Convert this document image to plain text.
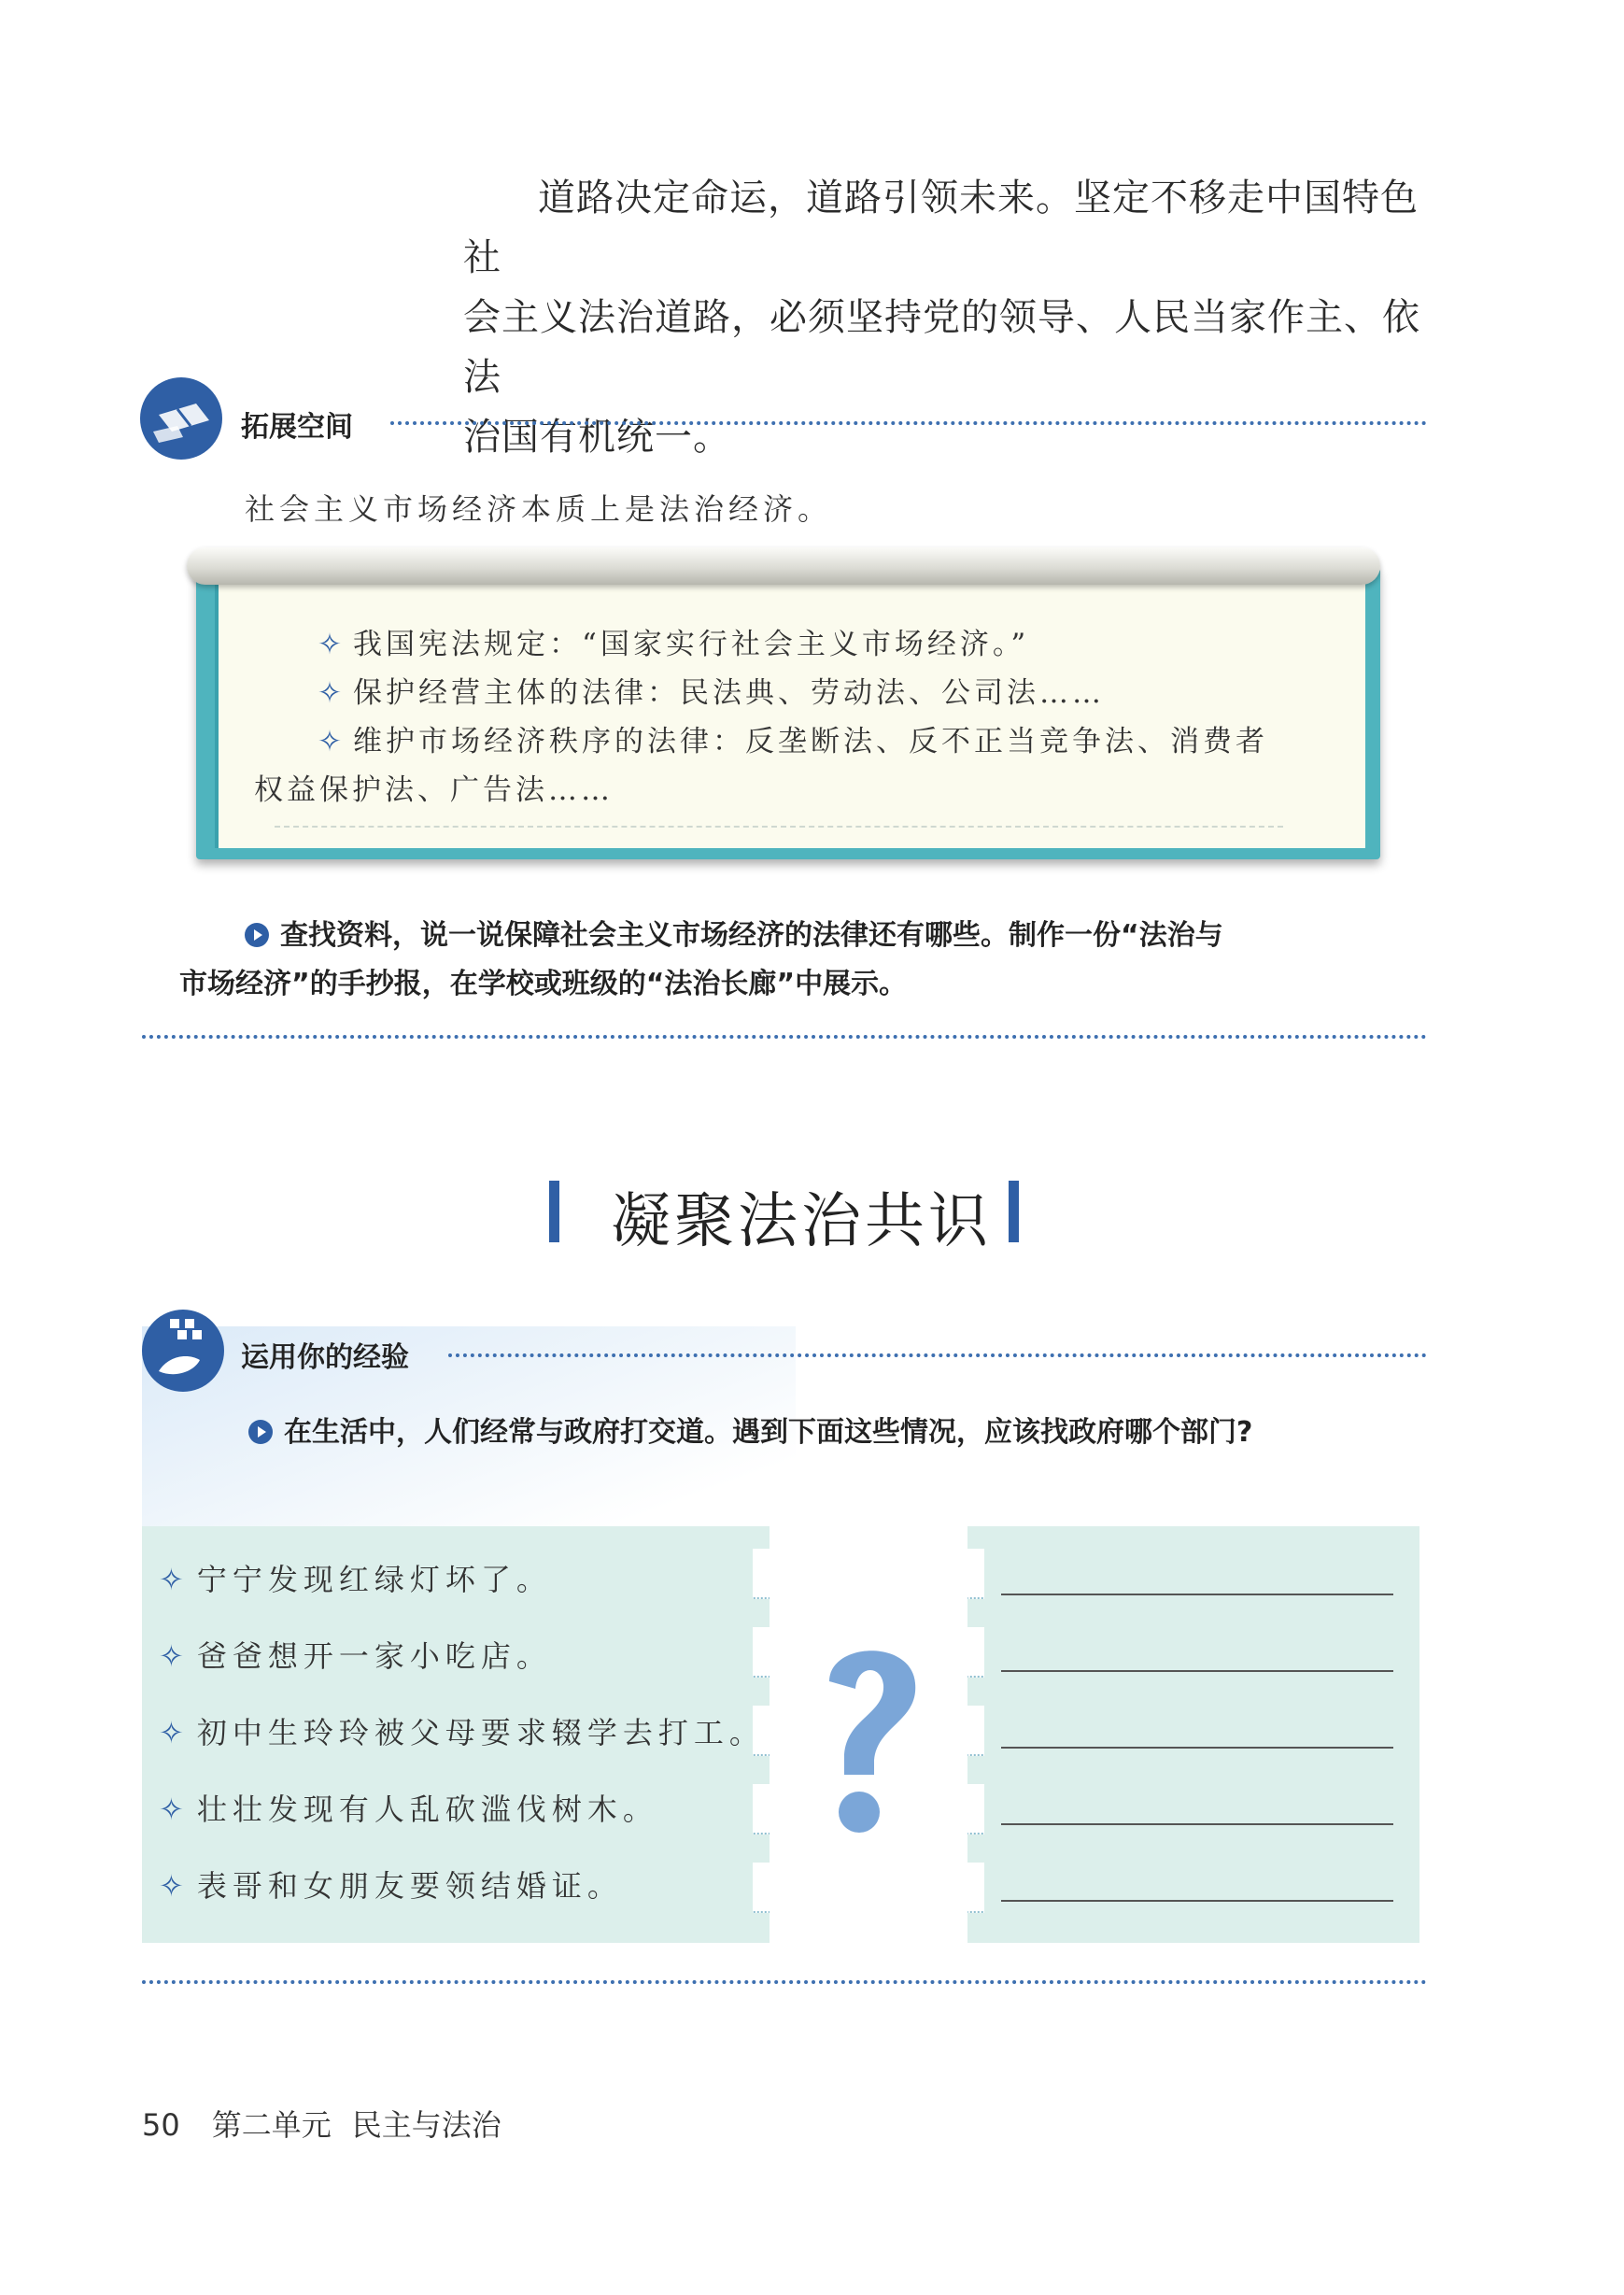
道路决定命运，道路引领未来。坚定不移走中国特色社

会主义法治道路，必须坚持党的领导、人民当家作主、依法

治国有机统一。

拓展空间
社会主义市场经济本质上是法治经济。
✧ 我国宪法规定：“国家实行社会主义市场经济。”
✧ 保护经营主体的法律：民法典、劳动法、公司法……
✧ 维护市场经济秩序的法律：反垄断法、反不正当竞争法、消费者
权益保护法、广告法……
查找资料，说一说保障社会主义市场经济的法律还有哪些。制作一份“法治与
市场经济”的手抄报，在学校或班级的“法治长廊”中展示。
凝聚法治共识
运用你的经验
在生活中，人们经常与政府打交道。遇到下面这些情况，应该找政府哪个部门?
✧ 宁宁发现红绿灯坏了。
✧ 爸爸想开一家小吃店。
✧ 初中生玲玲被父母要求辍学去打工。
✧ 壮壮发现有人乱砍滥伐树木。
✧ 表哥和女朋友要领结婚证。
50 第二单元 民主与法治
